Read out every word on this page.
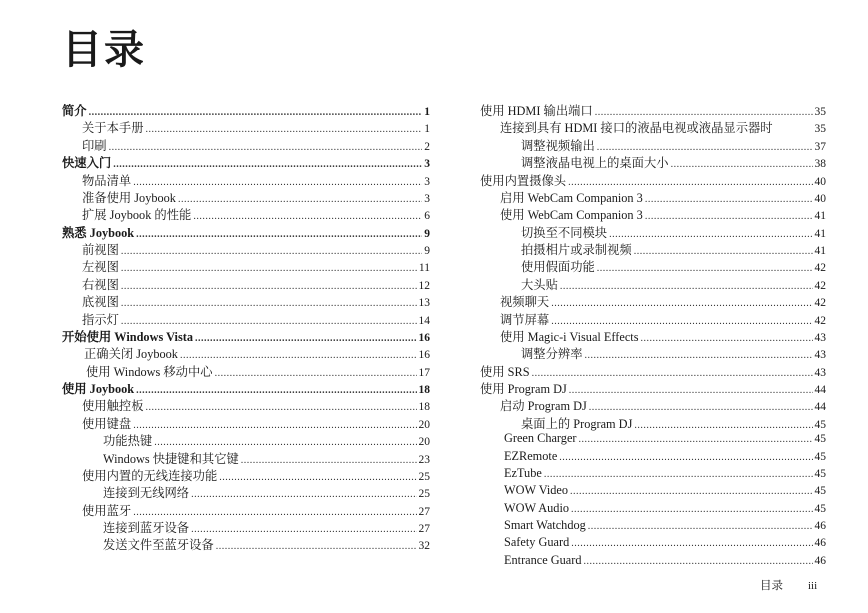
目录
简介 .....	1
关于本手册 .....	1
印刷 .....	2
快速入门 .....	3
物品清单 .....	3
准备使用 Joybook .....	3
扩展 Joybook 的性能 .....	6
熟悉 Joybook .....	9
前视图 .....	9
左视图 .....	11
右视图 .....	12
底视图 .....	13
指示灯 .....	14
开始使用 Windows Vista .....	16
正确关闭 Joybook .....	16
使用 Windows 移动中心 .....	17
使用 Joybook .....	18
使用触控板 .....	18
使用键盘 .....	20
功能热键 .....	20
Windows 快捷键和其它键 .....	23
使用内置的无线连接功能 .....	25
连接到无线网络 .....	25
使用蓝牙 .....	27
连接到蓝牙设备 .....	27
发送文件至蓝牙设备 .....	32
使用 HDMI 输出端口 .....	35
连接到具有 HDMI 接口的液晶电视或液晶显示器时	35
调整视频输出 .....	37
调整液晶电视上的桌面大小 .....	38
使用内置摄像头 .....	40
启用 WebCam Companion 3 .....	40
使用 WebCam Companion 3 .....	41
切换至不同模块 .....	41
拍摄相片或录制视频 .....	41
使用假面功能 .....	42
大头贴 .....	42
视频聊天 .....	42
调节屏幕 .....	42
使用 Magic-i Visual Effects .....	43
调整分辨率 .....	43
使用 SRS .....	43
使用 Program DJ .....	44
启动 Program DJ .....	44
桌面上的 Program DJ .....	45
Green Charger .....	45
EZRemote .....	45
EzTube .....	45
WOW Video .....	45
WOW Audio .....	45
Smart Watchdog .....	46
Safety Guard .....	46
Entrance Guard .....	46
目录 iii
